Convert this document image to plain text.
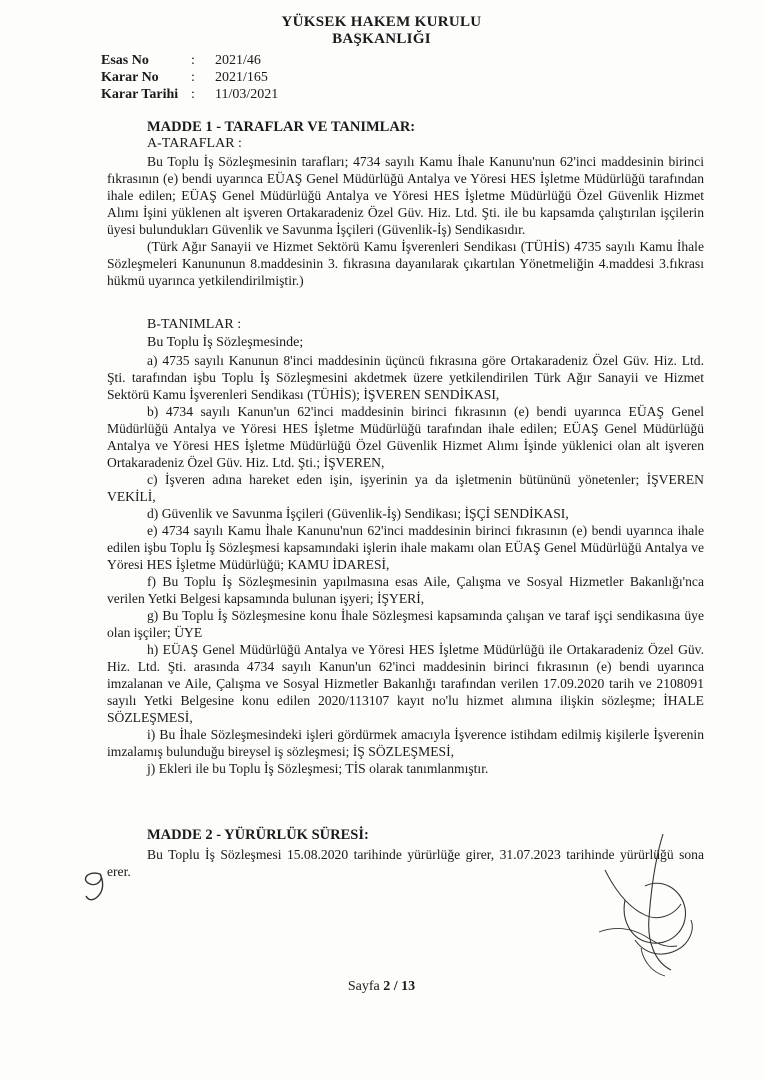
YÜKSEK HAKEM KURULU
BAŞKANLIĞI
Esas No	: 2021/46
Karar No : 2021/165
Karar Tarihi : 11/03/2021
MADDE 1 - TARAFLAR VE TANIMLAR:
A-TARAFLAR :

Bu Toplu İş Sözleşmesinin tarafları; 4734 sayılı Kamu İhale Kanunu'nun 62'inci maddesinin birinci fıkrasının (e) bendi uyarınca EÜAŞ Genel Müdürlüğü Antalya ve Yöresi HES İşletme Müdürlüğü tarafından ihale edilen; EÜAŞ Genel Müdürlüğü Antalya ve Yöresi HES İşletme Müdürlüğü Özel Güvenlik Hizmet Alımı İşini yüklenen alt işveren Ortakaradeniz Özel Güv. Hiz. Ltd. Şti. ile bu kapsamda çalıştırılan işçilerin üyesi bulundukları Güvenlik ve Savunma İşçileri (Güvenlik-İş) Sendikasıdır.

(Türk Ağır Sanayii ve Hizmet Sektörü Kamu İşverenleri Sendikası (TÜHİS) 4735 sayılı Kamu İhale Sözleşmeleri Kanununun 8.maddesinin 3. fıkrasına dayanılarak çıkartılan Yönetmeliğin 4.maddesi 3.fıkrası hükmü uyarınca yetkilendirilmiştir.)

B-TANIMLAR :
Bu Toplu İş Sözleşmesinde;

a) 4735 sayılı Kanunun 8'inci maddesinin üçüncü fıkrasına göre Ortakaradeniz Özel Güv. Hiz. Ltd. Şti. tarafından işbu Toplu İş Sözleşmesini akdetmek üzere yetkilendirilen Türk Ağır Sanayii ve Hizmet Sektörü Kamu İşverenleri Sendikası (TÜHİS); İŞVEREN SENDİKASI,

b) 4734 sayılı Kanun'un 62'inci maddesinin birinci fıkrasının (e) bendi uyarınca EÜAŞ Genel Müdürlüğü Antalya ve Yöresi HES İşletme Müdürlüğü tarafından ihale edilen; EÜAŞ Genel Müdürlüğü Antalya ve Yöresi HES İşletme Müdürlüğü Özel Güvenlik Hizmet Alımı İşinde yüklenici olan alt işveren Ortakaradeniz Özel Güv. Hiz. Ltd. Şti.; İŞVEREN,

c) İşveren adına hareket eden işin, işyerinin ya da işletmenin bütününü yönetenler; İŞVEREN VEKİLİ,

d) Güvenlik ve Savunma İşçileri (Güvenlik-İş) Sendikası; İŞÇİ SENDİKASI,

e) 4734 sayılı Kamu İhale Kanunu'nun 62'inci maddesinin birinci fıkrasının (e) bendi uyarınca ihale edilen işbu Toplu İş Sözleşmesi kapsamındaki işlerin ihale makamı olan EÜAŞ Genel Müdürlüğü Antalya ve Yöresi HES İşletme Müdürlüğü; KAMU İDARESİ,

f) Bu Toplu İş Sözleşmesinin yapılmasına esas Aile, Çalışma ve Sosyal Hizmetler Bakanlığı'nca verilen Yetki Belgesi kapsamında bulunan işyeri; İŞYERİ,

g) Bu Toplu İş Sözleşmesine konu İhale Sözleşmesi kapsamında çalışan ve taraf işçi sendikasına üye olan işçiler; ÜYE

h) EÜAŞ Genel Müdürlüğü Antalya ve Yöresi HES İşletme Müdürlüğü ile Ortakaradeniz Özel Güv. Hiz. Ltd. Şti. arasında 4734 sayılı Kanun'un 62'inci maddesinin birinci fıkrasının (e) bendi uyarınca imzalanan ve Aile, Çalışma ve Sosyal Hizmetler Bakanlığı tarafından verilen 17.09.2020 tarih ve 2108091 sayılı Yetki Belgesine konu edilen 2020/113107 kayıt no'lu hizmet alımına ilişkin sözleşme; İHALE SÖZLEŞMESİ,

i) Bu İhale Sözleşmesindeki işleri gördürmek amacıyla İşverence istihdam edilmiş kişilerle İşverenin imzalamış bulunduğu bireysel iş sözleşmesi; İŞ SÖZLEŞMESİ,

j) Ekleri ile bu Toplu İş Sözleşmesi; TİS olarak tanımlanmıştır.

MADDE 2 - YÜRÜRLÜK SÜRESİ:

Bu Toplu İş Sözleşmesi 15.08.2020 tarihinde yürürlüğe girer, 31.07.2023 tarihinde yürürlüğü sona erer.

Sayfa 2 / 13
